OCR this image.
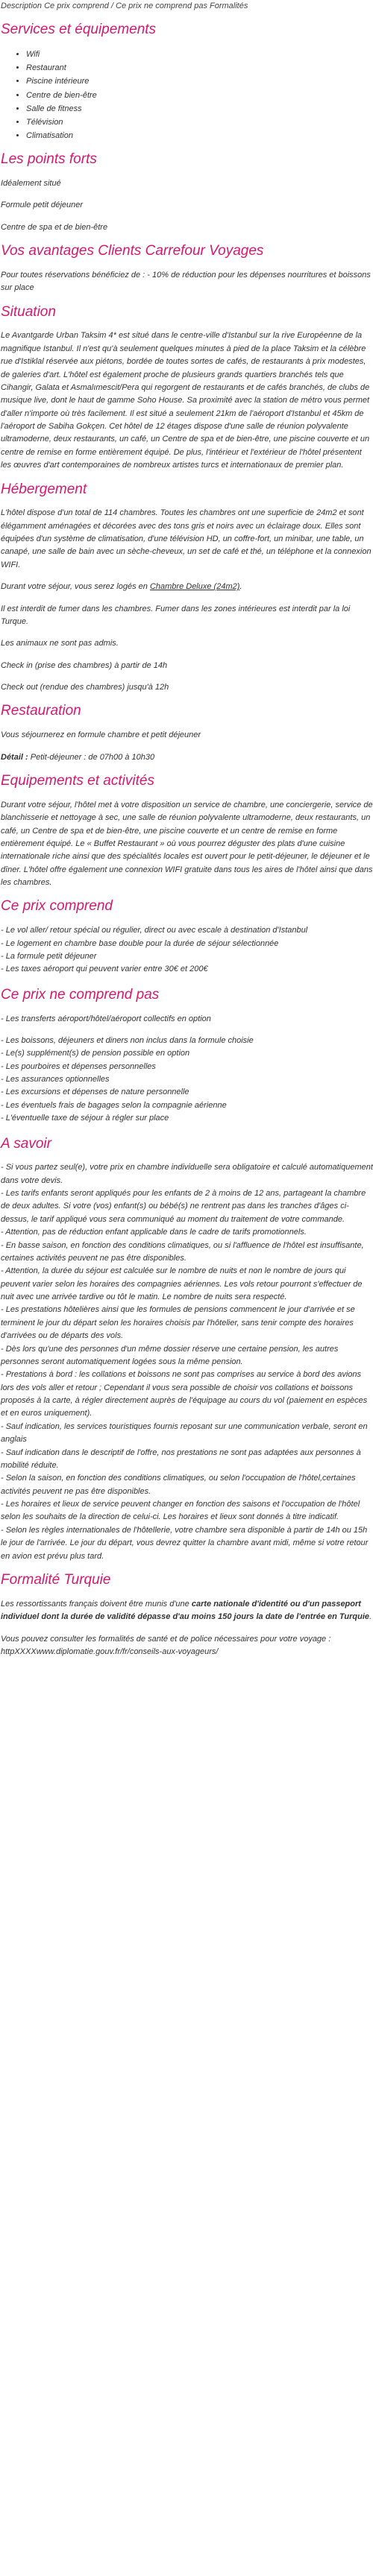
Description Ce prix comprend / Ce prix ne comprend pas Formalités

Services et équipements
• Wifi
• Restaurant
• Piscine intérieure
• Centre de bien-être
• Salle de fitness
• Télévision
• Climatisation
Les points forts

Idéalement situé

Formule petit déjeuner

Centre de spa et de bien-être

Vos avantages Clients Carrefour Voyages

Pour toutes réservations bénéficiez de : - 10% de réduction pour les dépenses nourritures et boissons sur place

Situation

Le Avantgarde Urban Taksim 4* est situé dans le centre-ville d'Istanbul sur la rive Européenne de la magnifique Istanbul. Il n'est qu'à seulement quelques minutes à pied de la place Taksim et la célèbre rue d'Istiklal réservée aux piétons, bordée de toutes sortes de cafés, de restaurants à prix modestes, de galeries d'art. L'hôtel est également proche de plusieurs grands quartiers branchés tels que Cihangir, Galata et Asmalımescit/Pera qui regorgent de restaurants et de cafés branchés, de clubs de musique live, dont le haut de gamme Soho House. Sa proximité avec la station de métro vous permet d'aller n'importe où très facilement. Il est situé a seulement 21km de l'aéroport d'Istanbul et 45km de l'aéroport de Sabiha Gokçen. Cet hôtel de 12 étages dispose d'une salle de réunion polyvalente ultramoderne, deux restaurants, un café, un Centre de spa et de bien-être, une piscine couverte et un centre de remise en forme entièrement équipé. De plus, l'intérieur et l'extérieur de l'hôtel présentent les œuvres d'art contemporaines de nombreux artistes turcs et internationaux de premier plan.

Hébergement

L'hôtel dispose d'un total de 114 chambres. Toutes les chambres ont une superficie de 24m2 et sont élégamment aménagées et décorées avec des tons gris et noirs avec un éclairage doux. Elles sont équipées d'un système de climatisation, d'une télévision HD, un coffre-fort, un minibar, une table, un canapé, une salle de bain avec un sèche-cheveux, un set de café et thé, un téléphone et la connexion WIFI.

Durant votre séjour, vous serez logés en Chambre Deluxe (24m2).

Il est interdit de fumer dans les chambres. Fumer dans les zones intérieures est interdit par la loi Turque.

Les animaux ne sont pas admis.

Check in (prise des chambres) à partir de 14h

Check out (rendue des chambres) jusqu'à 12h

Restauration

Vous séjournerez en formule chambre et petit déjeuner

Détail : Petit-déjeuner : de 07h00 à 10h30

Equipements et activités

Durant votre séjour, l'hôtel met à votre disposition un service de chambre, une conciergerie, service de blanchisserie et nettoyage à sec, une salle de réunion polyvalente ultramoderne, deux restaurants, un café, un Centre de spa et de bien-être, une piscine couverte et un centre de remise en forme entièrement équipé. Le « Buffet Restaurant » où vous pourrez déguster des plats d'une cuisine internationale riche ainsi que des spécialités locales est ouvert pour le petit-déjeuner, le déjeuner et le dîner. L'hôtel offre également une connexion WIFI gratuite dans tous les aires de l'hôtel ainsi que dans les chambres.

Ce prix comprend

- Le vol aller/ retour spécial ou régulier, direct ou avec escale à destination d'Istanbul

- Le logement en chambre base double pour la durée de séjour sélectionnée

- La formule petit déjeuner

- Les taxes aéroport qui peuvent varier entre 30€ et 200€

Ce prix ne comprend pas

- Les transferts aéroport/hôtel/aéroport collectifs en option

- Les boissons, déjeuners et diners non inclus dans la formule choisie

- Le(s) supplément(s) de pension possible en option

- Les pourboires et dépenses personnelles

- Les assurances optionnelles

- Les excursions et dépenses de nature personnelle

- Les éventuels frais de bagages selon la compagnie aérienne

- L'éventuelle taxe de séjour à régler sur place

A savoir

- Si vous partez seul(e), votre prix en chambre individuelle sera obligatoire et calculé automatiquement dans votre devis.
- Les tarifs enfants seront appliqués pour les enfants de 2 à moins de 12 ans, partageant la chambre de deux adultes. Si votre (vos) enfant(s) ou bébé(s) ne rentrent pas dans les tranches d'âges ci-dessus, le tarif appliqué vous sera communiqué au moment du traitement de votre commande.
- Attention, pas de réduction enfant applicable dans le cadre de tarifs promotionnels.
- En basse saison, en fonction des conditions climatiques, ou si l'affluence de l'hôtel est insuffisante, certaines activités peuvent ne pas être disponibles.
- Attention, la durée du séjour est calculée sur le nombre de nuits et non le nombre de jours qui peuvent varier selon les horaires des compagnies aériennes. Les vols retour pourront s'effectuer de nuit avec une arrivée tardive ou tôt le matin. Le nombre de nuits sera respecté.
- Les prestations hôtelières ainsi que les formules de pensions commencent le jour d'arrivée et se terminent le jour du départ selon les horaires choisis par l'hôtelier, sans tenir compte des horaires d'arrivées ou de départs des vols.
- Dès lors qu'une des personnes d'un même dossier réserve une certaine pension, les autres personnes seront automatiquement logées sous la même pension.
- Prestations à bord : les collations et boissons ne sont pas comprises au service à bord des avions lors des vols aller et retour ; Cependant il vous sera possible de choisir vos collations et boissons proposés à la carte, à régler directement auprès de l'équipage au cours du vol (paiement en espèces et en euros uniquement).
- Sauf indication, les services touristiques fournis reposant sur une communication verbale, seront en anglais
- Sauf indication dans le descriptif de l'offre, nos prestations ne sont pas adaptées aux personnes à mobilité réduite.
- Selon la saison, en fonction des conditions climatiques, ou selon l'occupation de l'hôtel,certaines activités peuvent ne pas être disponibles.
- Les horaires et lieux de service peuvent changer en fonction des saisons et l'occupation de l'hôtel selon les souhaits de la direction de celui-ci. Les horaires et lieux sont donnés à titre indicatif.
- Selon les règles internationales de l'hôtellerie, votre chambre sera disponible à partir de 14h ou 15h le jour de l'arrivée. Le jour du départ, vous devrez quitter la chambre avant midi, même si votre retour en avion est prévu plus tard.

Formalité Turquie

Les ressortissants français doivent être munis d'une carte nationale d'identité ou d'un passeport individuel dont la durée de validité dépasse d'au moins 150 jours la date de l'entrée en Turquie.

Vous pouvez consulter les formalités de santé et de police nécessaires pour votre voyage : httpXXXXwww.diplomatie.gouv.fr/fr/conseils-aux-voyageurs/
